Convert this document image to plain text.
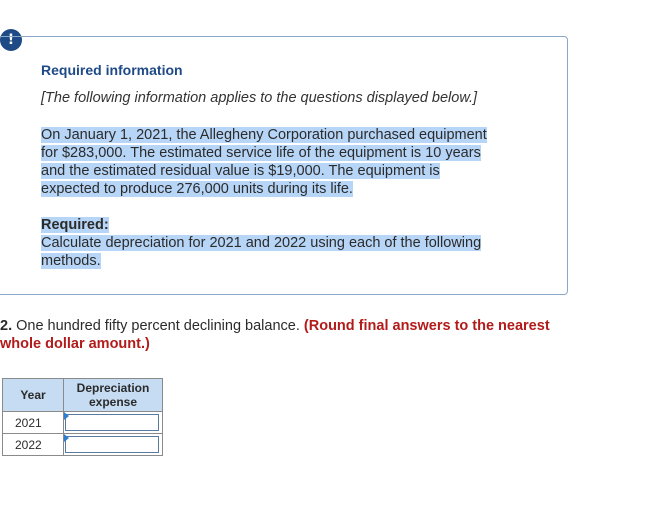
!
Required information
[The following information applies to the questions displayed below.]
On January 1, 2021, the Allegheny Corporation purchased equipment
for $283,000. The estimated service life of the equipment is 10 years
and the estimated residual value is $19,000. The equipment is
expected to produce 276,000 units during its life.
Required:
Calculate depreciation for 2021 and 2022 using each of the following
methods.
2. One hundred fifty percent declining balance. (Round final answers to the nearest
whole dollar amount.)
Year	Depreciation
expense
2021	

2022	
